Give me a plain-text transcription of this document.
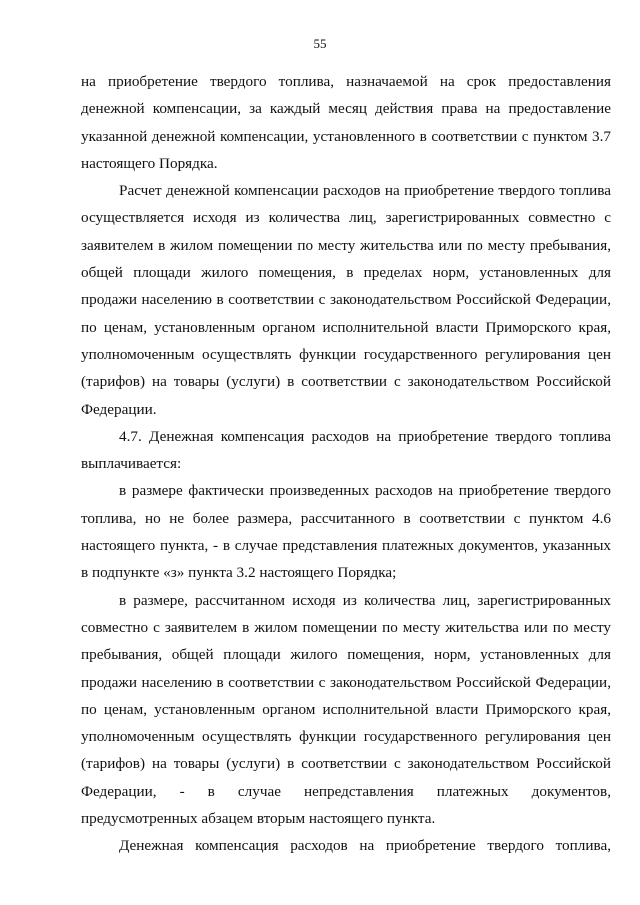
55

на приобретение твердого топлива, назначаемой на срок предоставления денежной компенсации, за каждый месяц действия права на предоставление указанной денежной компенсации, установленного в соответствии с пунктом 3.7 настоящего Порядка.

Расчет денежной компенсации расходов на приобретение твердого топлива осуществляется исходя из количества лиц, зарегистрированных совместно с заявителем в жилом помещении по месту жительства или по месту пребывания, общей площади жилого помещения, в пределах норм, установленных для продажи населению в соответствии с законодательством Российской Федерации, по ценам, установленным органом исполнительной власти Приморского края, уполномоченным осуществлять функции государственного регулирования цен (тарифов) на товары (услуги) в соответствии с законодательством Российской Федерации.

4.7. Денежная компенсация расходов на приобретение твердого топлива выплачивается:

в размере фактически произведенных расходов на приобретение твердого топлива, но не более размера, рассчитанного в соответствии с пунктом 4.6 настоящего пункта, - в случае представления платежных документов, указанных в подпункте «з» пункта 3.2 настоящего Порядка;

в размере, рассчитанном исходя из количества лиц, зарегистрированных совместно с заявителем в жилом помещении по месту жительства или по месту пребывания, общей площади жилого помещения, норм, установленных для продажи населению в соответствии с законодательством Российской Федерации, по ценам, установленным органом исполнительной власти Приморского края, уполномоченным осуществлять функции государственного регулирования цен (тарифов) на товары (услуги) в соответствии с законодательством Российской Федерации, - в случае непредставления платежных документов, предусмотренных абзацем вторым настоящего пункта.

Денежная компенсация расходов на приобретение твердого топлива,
